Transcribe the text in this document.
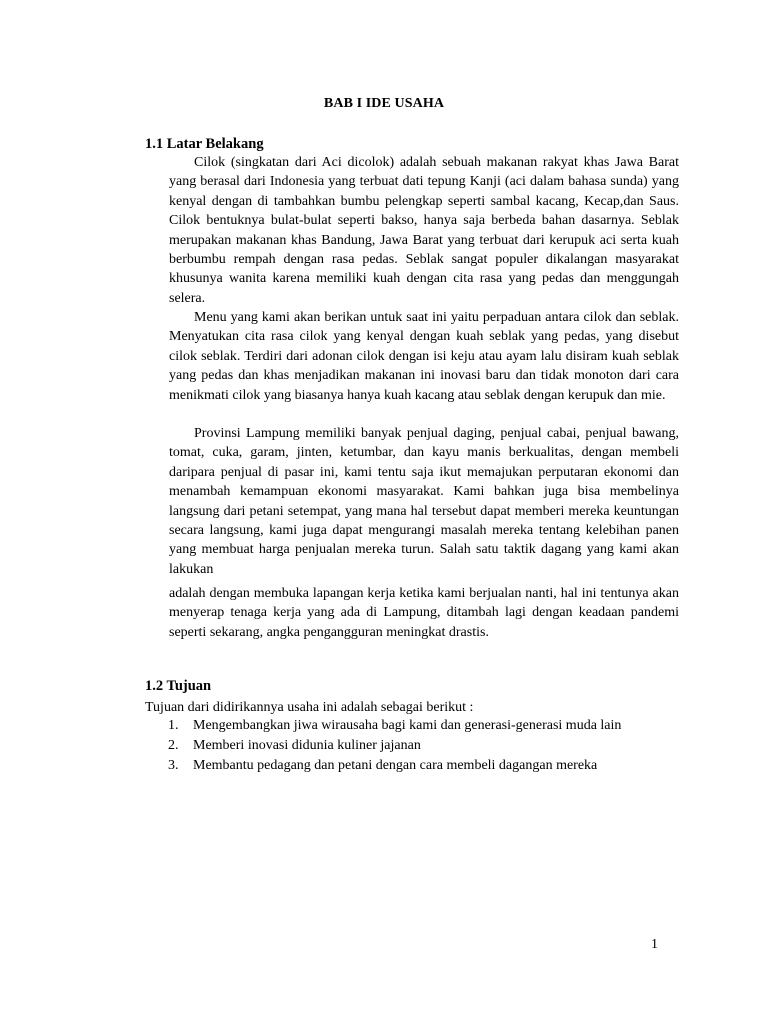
BAB I IDE USAHA
1.1 Latar Belakang

Cilok (singkatan dari Aci dicolok) adalah sebuah makanan rakyat khas Jawa Barat yang berasal dari Indonesia yang terbuat dati tepung Kanji (aci dalam bahasa sunda) yang kenyal dengan di tambahkan bumbu pelengkap seperti sambal kacang, Kecap,dan Saus. Cilok bentuknya bulat-bulat seperti bakso, hanya saja berbeda bahan dasarnya. Seblak merupakan makanan khas Bandung, Jawa Barat yang terbuat dari kerupuk aci serta kuah berbumbu rempah dengan rasa pedas. Seblak sangat populer dikalangan masyarakat khusunya wanita karena memiliki kuah dengan cita rasa yang pedas dan menggungah selera.

Menu yang kami akan berikan untuk saat ini yaitu perpaduan antara cilok dan seblak. Menyatukan cita rasa cilok yang kenyal dengan kuah seblak yang pedas, yang disebut cilok seblak. Terdiri dari adonan cilok dengan isi keju atau ayam lalu disiram kuah seblak yang pedas dan khas menjadikan makanan ini inovasi baru dan tidak monoton dari cara menikmati cilok yang biasanya hanya kuah kacang atau seblak dengan kerupuk dan mie.

Provinsi Lampung memiliki banyak penjual daging, penjual cabai, penjual bawang, tomat, cuka, garam, jinten, ketumbar, dan kayu manis berkualitas, dengan membeli daripara penjual di pasar ini, kami tentu saja ikut memajukan perputaran ekonomi dan menambah kemampuan ekonomi masyarakat. Kami bahkan juga bisa membelinya langsung dari petani setempat, yang mana hal tersebut dapat memberi mereka keuntungan secara langsung, kami juga dapat mengurangi masalah mereka tentang kelebihan panen yang membuat harga penjualan mereka turun. Salah satu taktik dagang yang kami akan lakukan

adalah dengan membuka lapangan kerja ketika kami berjualan nanti, hal ini tentunya akan menyerap tenaga kerja yang ada di Lampung, ditambah lagi dengan keadaan pandemi seperti sekarang, angka pengangguran meningkat drastis.

1.2 Tujuan
Tujuan dari didirikannya usaha ini adalah sebagai berikut :
1. Mengembangkan jiwa wirausaha bagi kami dan generasi-generasi muda lain
2. Memberi inovasi didunia kuliner jajanan
3. Membantu pedagang dan petani dengan cara membeli dagangan mereka
1
